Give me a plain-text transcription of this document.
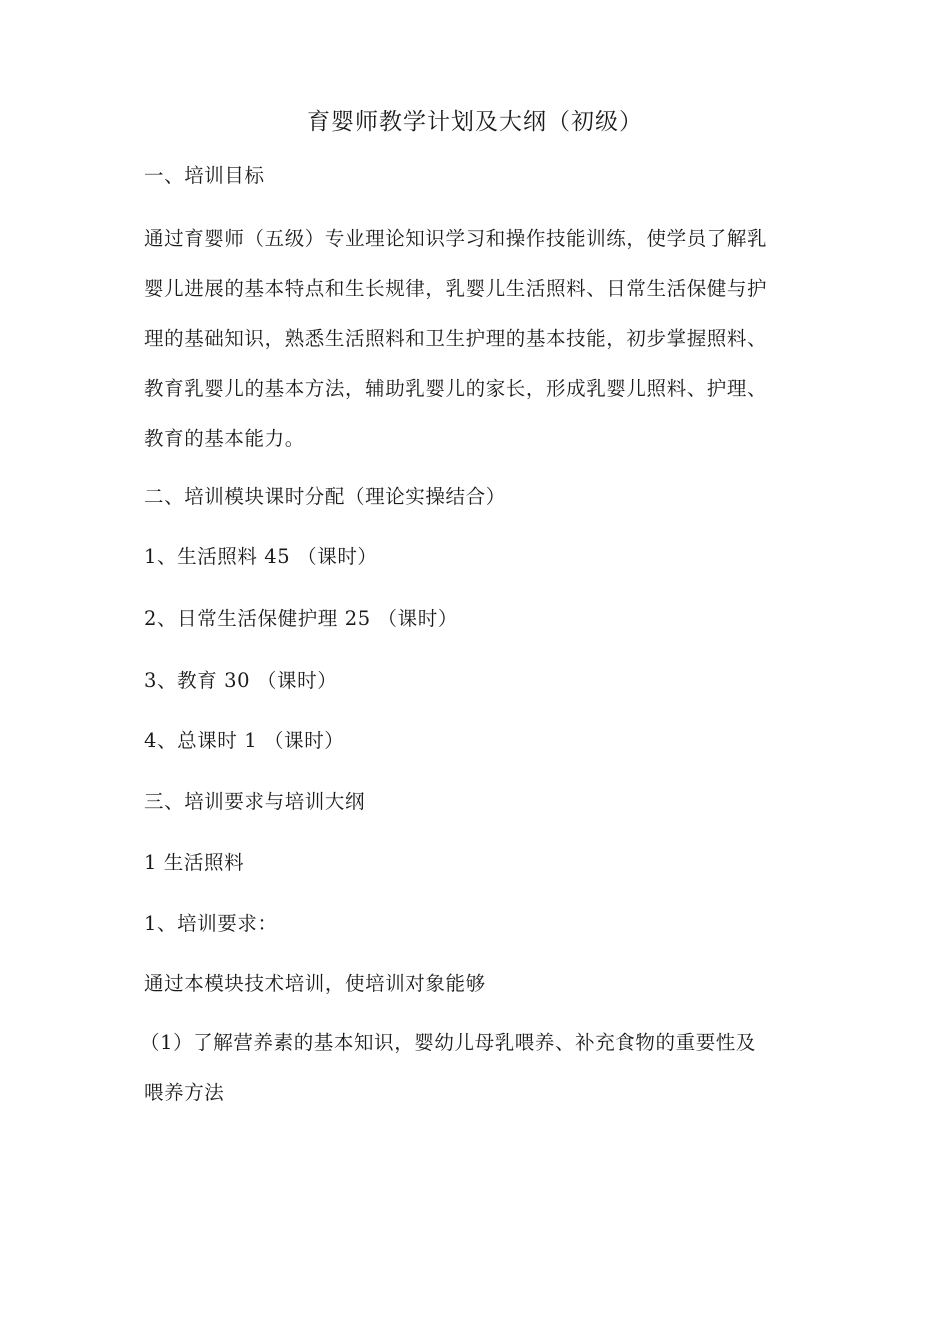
育婴师教学计划及大纲（初级）
一、培训目标
通过育婴师（五级）专业理论知识学习和操作技能训练，使学员了解乳
婴儿进展的基本特点和生长规律，乳婴儿生活照料、日常生活保健与护
理的基础知识，熟悉生活照料和卫生护理的基本技能，初步掌握照料、
教育乳婴儿的基本方法，辅助乳婴儿的家长，形成乳婴儿照料、护理、
教育的基本能力。
二、培训模块课时分配（理论实操结合）
1、生活照料 45 （课时）
2、日常生活保健护理 25 （课时）
3、教育 30 （课时）
4、总课时 1 （课时）
三、培训要求与培训大纲
1 生活照料
1、培训要求：
通过本模块技术培训，使培训对象能够
（1）了解营养素的基本知识，婴幼儿母乳喂养、补充食物的重要性及
喂养方法
